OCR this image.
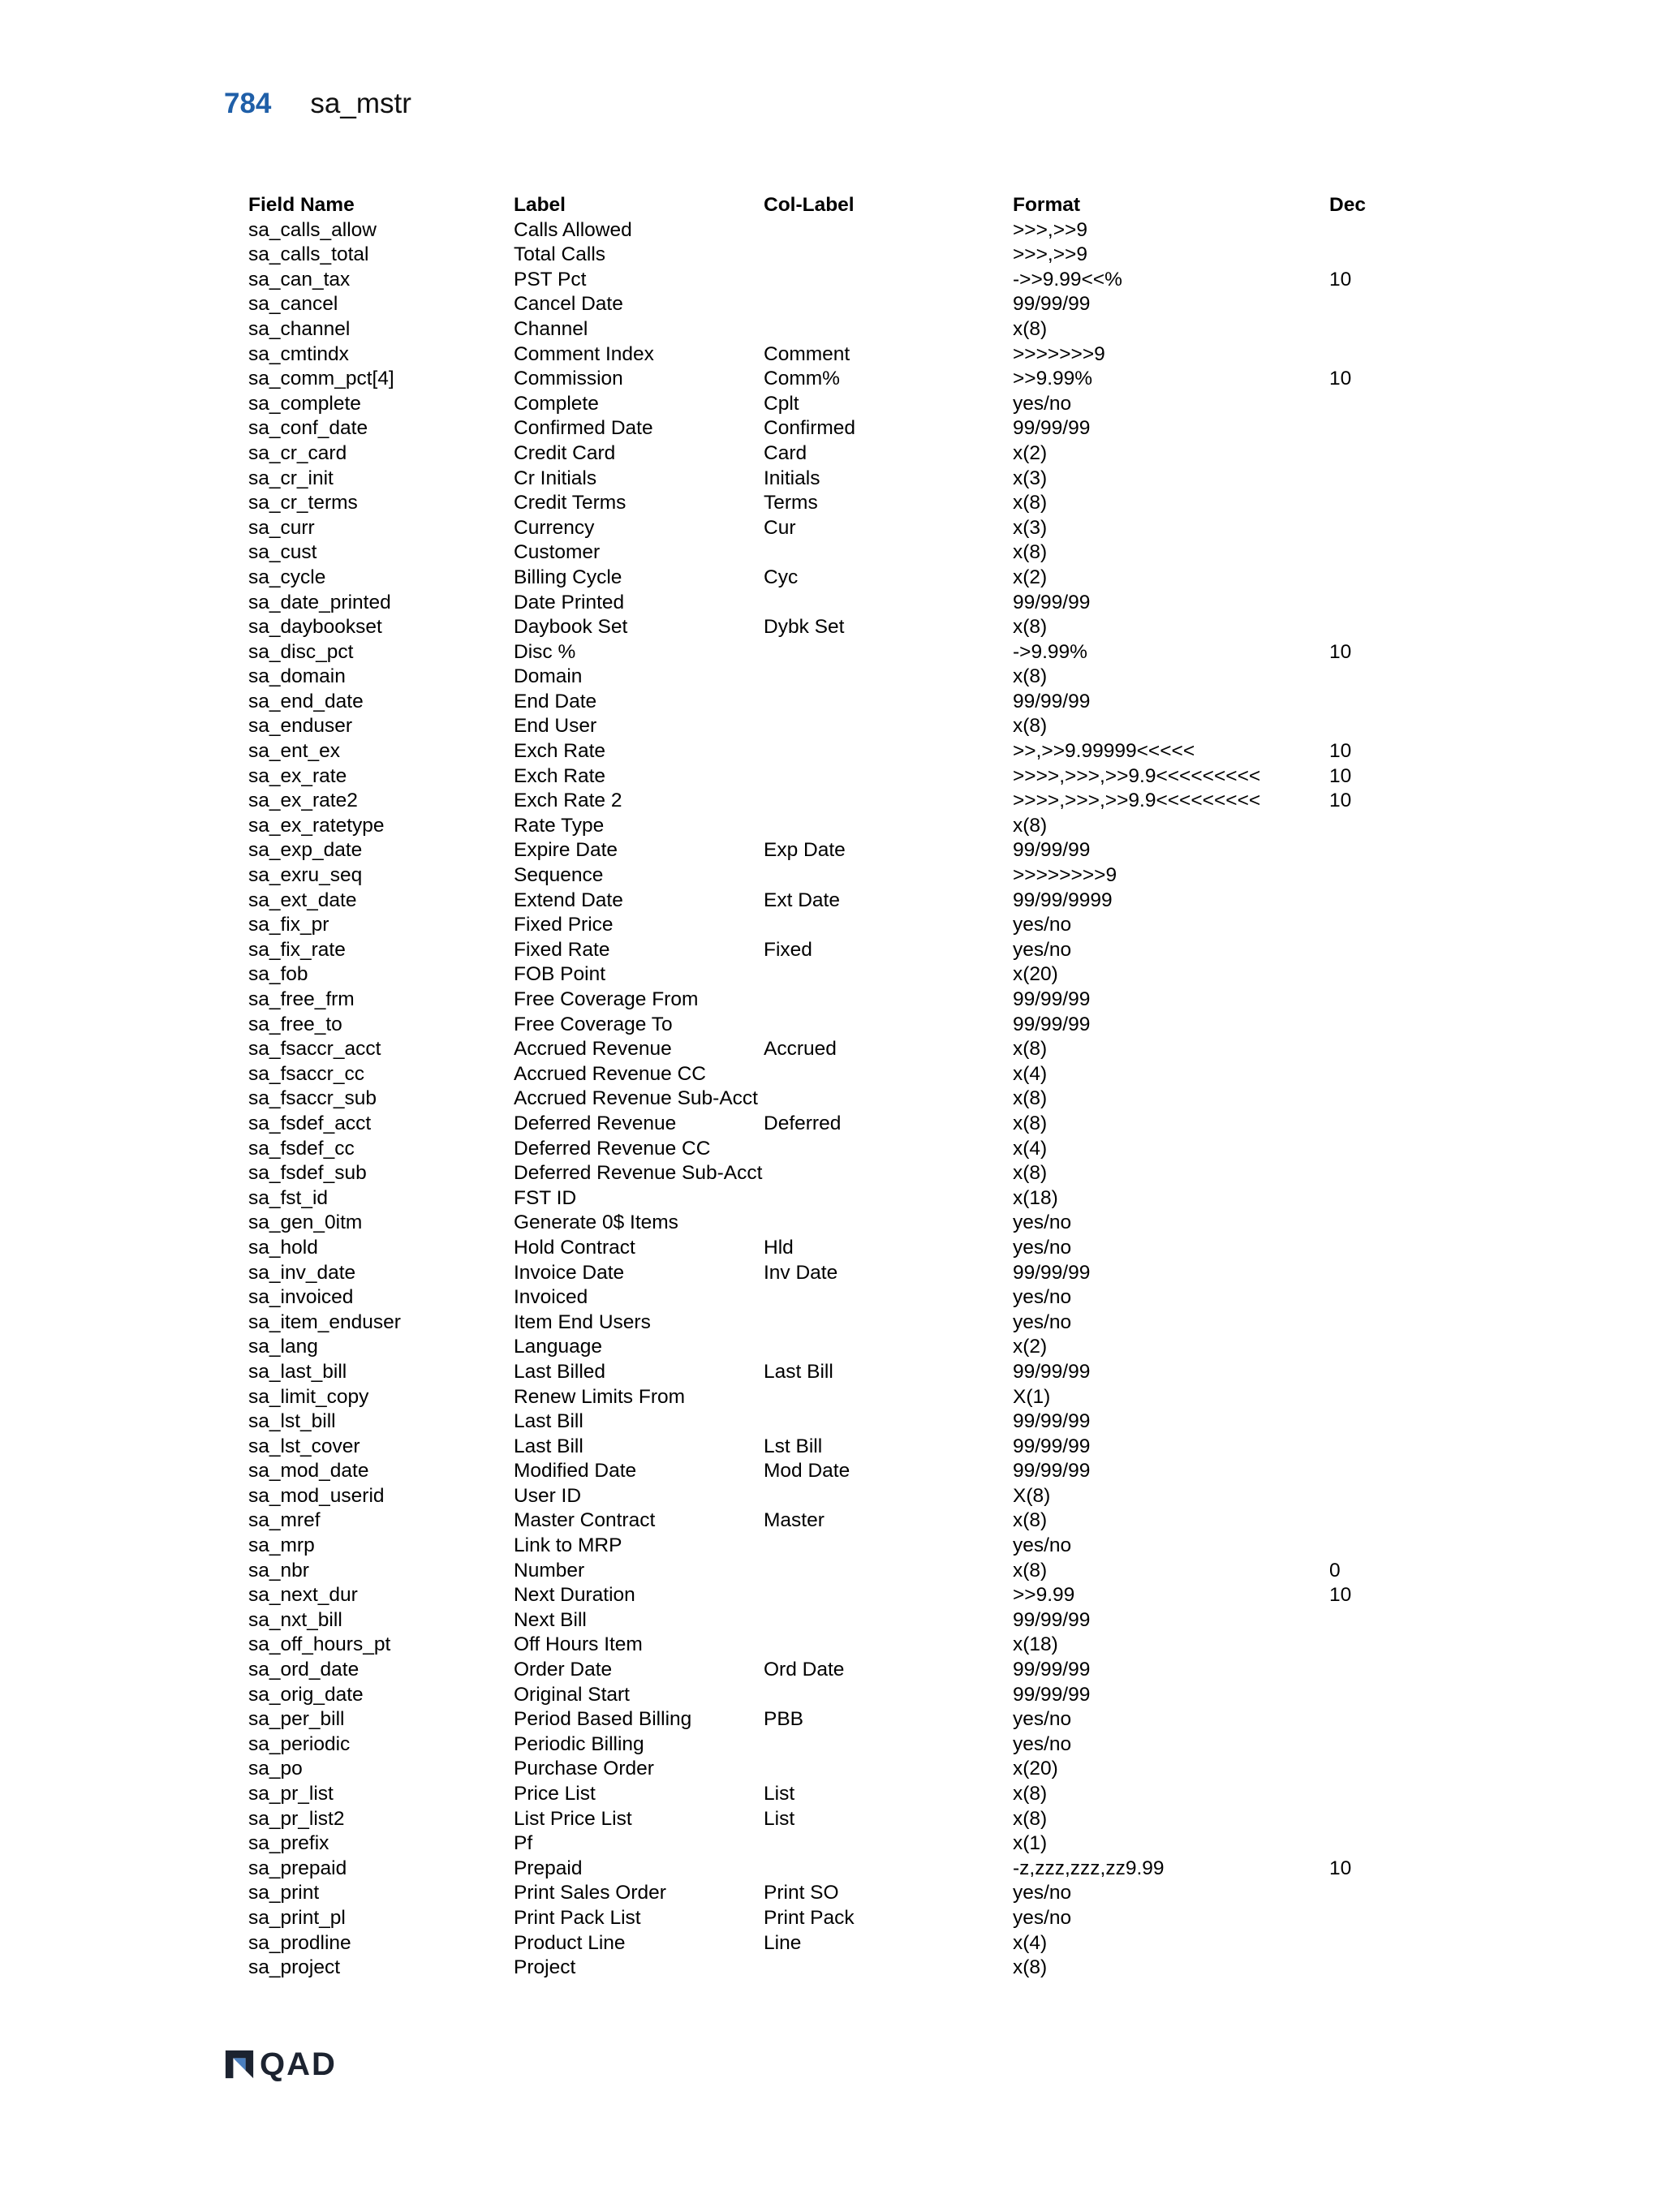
784 sa_mstr
Field Name	Label	Col-Label	Format	Dec
sa_calls_allow	Calls Allowed		>>>,>>9	
sa_calls_total	Total Calls		>>>,>>9	
sa_can_tax	PST Pct		->>9.99<<%	10
sa_cancel	Cancel Date		99/99/99	
sa_channel	Channel		x(8)	
sa_cmtindx	Comment Index	Comment	>>>>>>>9	
sa_comm_pct[4]	Commission	Comm%	>>9.99%	10
sa_complete	Complete	Cplt	yes/no	
sa_conf_date	Confirmed Date	Confirmed	99/99/99	
sa_cr_card	Credit Card	Card	x(2)	
sa_cr_init	Cr Initials	Initials	x(3)	
sa_cr_terms	Credit Terms	Terms	x(8)	
sa_curr	Currency	Cur	x(3)	
sa_cust	Customer		x(8)	
sa_cycle	Billing Cycle	Cyc	x(2)	
sa_date_printed	Date Printed		99/99/99	
sa_daybookset	Daybook Set	Dybk Set	x(8)	
sa_disc_pct	Disc %		->9.99%	10
sa_domain	Domain		x(8)	
sa_end_date	End Date		99/99/99	
sa_enduser	End User		x(8)	
sa_ent_ex	Exch Rate		>>,>>9.99999<<<<<	10
sa_ex_rate	Exch Rate		>>>>,>>>,>>9.9<<<<<<<<<	10
sa_ex_rate2	Exch Rate 2		>>>>,>>>,>>9.9<<<<<<<<<	10
sa_ex_ratetype	Rate Type		x(8)	
sa_exp_date	Expire Date	Exp Date	99/99/99	
sa_exru_seq	Sequence		>>>>>>>>9	
sa_ext_date	Extend Date	Ext Date	99/99/9999	
sa_fix_pr	Fixed Price		yes/no	
sa_fix_rate	Fixed Rate	Fixed	yes/no	
sa_fob	FOB Point		x(20)	
sa_free_frm	Free Coverage From		99/99/99	
sa_free_to	Free Coverage To		99/99/99	
sa_fsaccr_acct	Accrued Revenue	Accrued	x(8)	
sa_fsaccr_cc	Accrued Revenue CC		x(4)	
sa_fsaccr_sub	Accrued Revenue Sub-Acct		x(8)	
sa_fsdef_acct	Deferred Revenue	Deferred	x(8)	
sa_fsdef_cc	Deferred Revenue CC		x(4)	
sa_fsdef_sub	Deferred Revenue Sub-Acct		x(8)	
sa_fst_id	FST ID		x(18)	
sa_gen_0itm	Generate 0$ Items		yes/no	
sa_hold	Hold Contract	Hld	yes/no	
sa_inv_date	Invoice Date	Inv Date	99/99/99	
sa_invoiced	Invoiced		yes/no	
sa_item_enduser	Item End Users		yes/no	
sa_lang	Language		x(2)	
sa_last_bill	Last Billed	Last Bill	99/99/99	
sa_limit_copy	Renew Limits From		X(1)	
sa_lst_bill	Last Bill		99/99/99	
sa_lst_cover	Last Bill	Lst Bill	99/99/99	
sa_mod_date	Modified Date	Mod Date	99/99/99	
sa_mod_userid	User ID		X(8)	
sa_mref	Master Contract	Master	x(8)	
sa_mrp	Link to MRP		yes/no	
sa_nbr	Number		x(8)	0
sa_next_dur	Next Duration		>>9.99	10
sa_nxt_bill	Next Bill		99/99/99	
sa_off_hours_pt	Off Hours Item		x(18)	
sa_ord_date	Order Date	Ord Date	99/99/99	
sa_orig_date	Original Start		99/99/99	
sa_per_bill	Period Based Billing	PBB	yes/no	
sa_periodic	Periodic Billing		yes/no	
sa_po	Purchase Order		x(20)	
sa_pr_list	Price List	List	x(8)	
sa_pr_list2	List Price List	List	x(8)	
sa_prefix	Pf		x(1)	
sa_prepaid	Prepaid		-z,zzz,zzz,zz9.99	10
sa_print	Print Sales Order	Print SO	yes/no	
sa_print_pl	Print Pack List	Print Pack	yes/no	
sa_prodline	Product Line	Line	x(4)	
sa_project	Project		x(8)	
QAD
